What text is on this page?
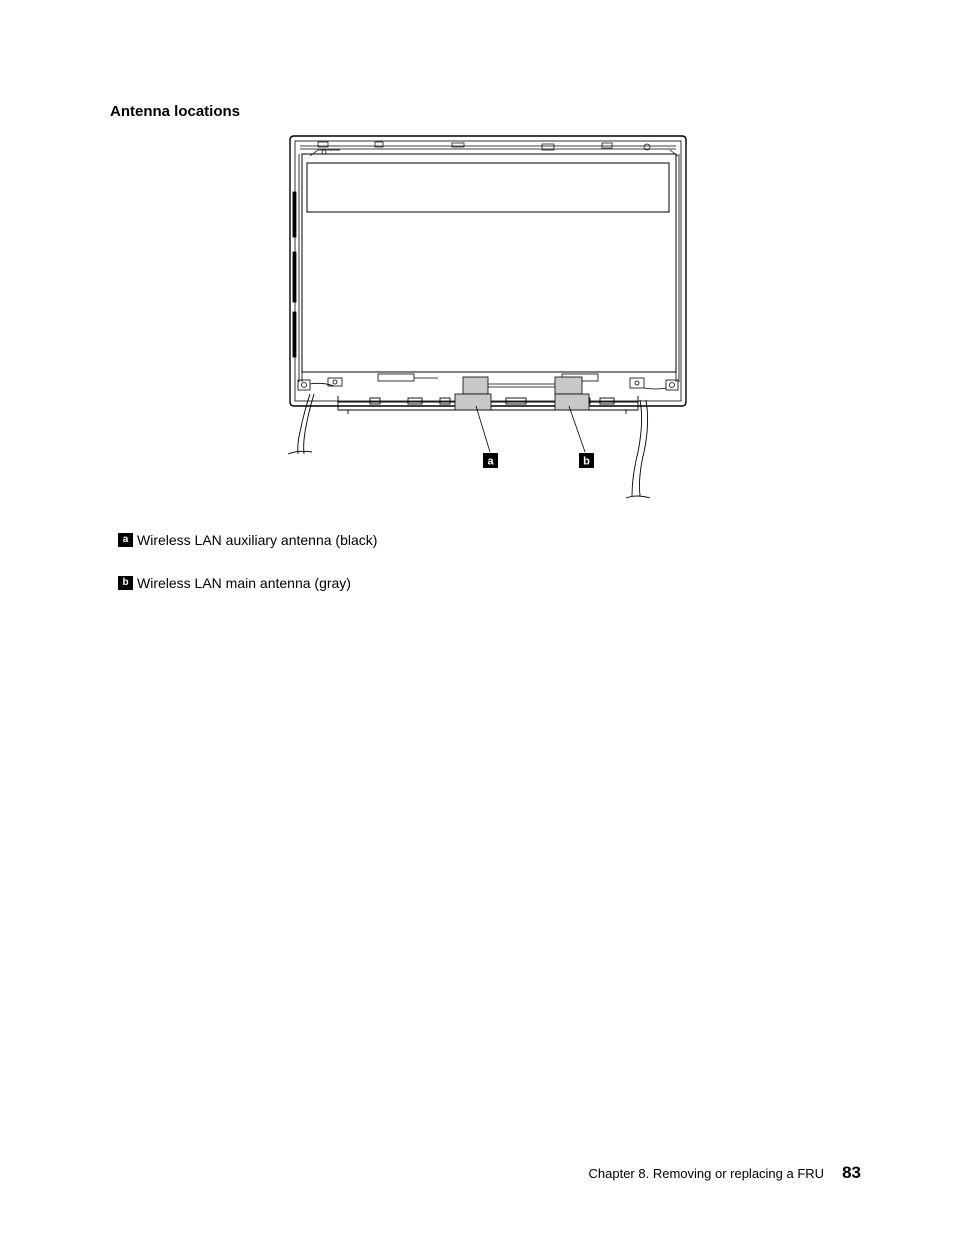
Antenna locations
a	b
a Wireless LAN auxiliary antenna (black)
b Wireless LAN main antenna (gray)
Chapter 8. Removing or replacing a FRU 83
